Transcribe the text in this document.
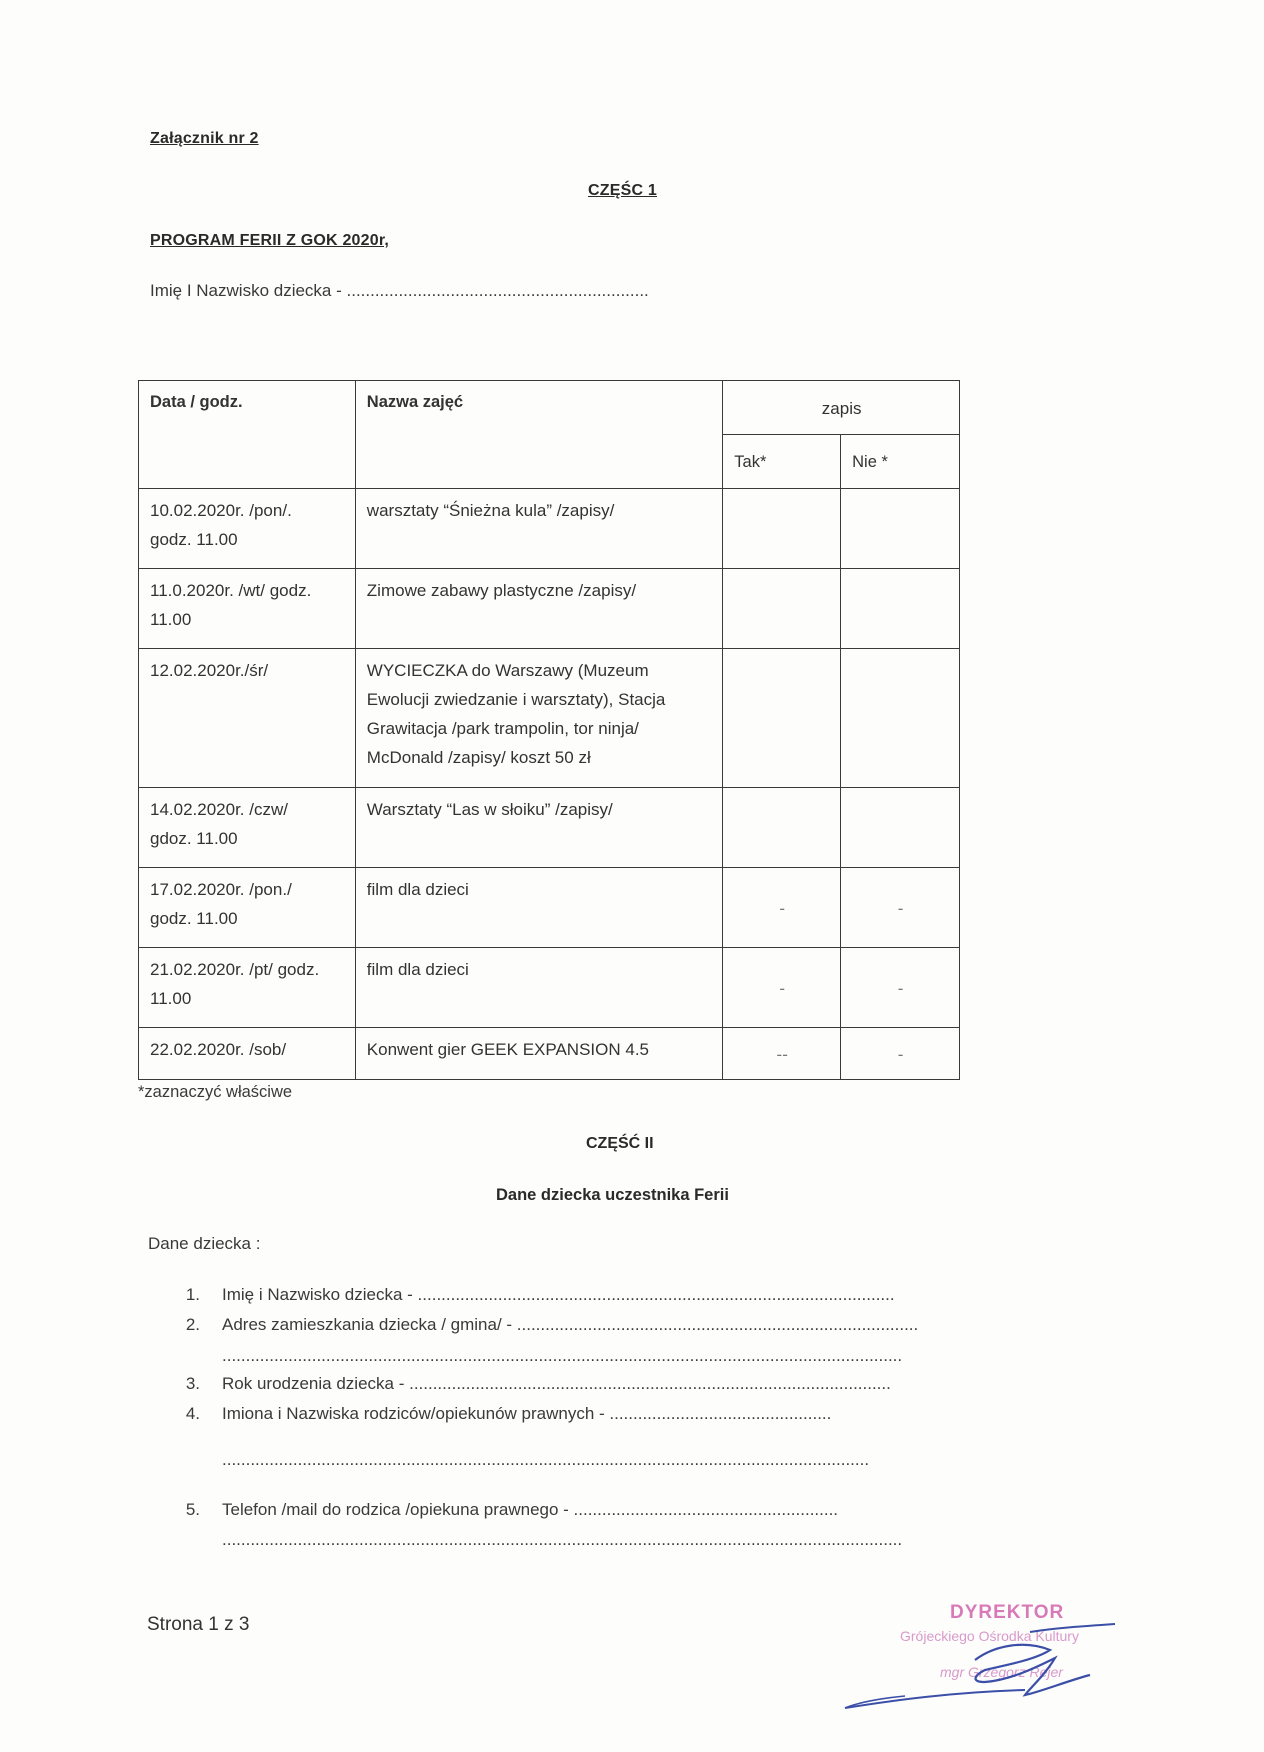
Załącznik nr 2
CZĘŚC 1
PROGRAM FERII Z GOK 2020r,
Imię I Nazwisko dziecka - ................................................................
Data / godz.	Nazwa zajęć	zapis	
		Tak*	Nie *
10.02.2020r. /pon/.
godz. 11.00	warsztaty “Śnieżna kula” /zapisy/		
11.0.2020r. /wt/ godz.
11.00	Zimowe zabawy plastyczne /zapisy/		
12.02.2020r./śr/	WYCIECZKA do Warszawy (Muzeum
Ewolucji zwiedzanie i warsztaty), Stacja
Grawitacja /park trampolin, tor ninja/
McDonald /zapisy/ koszt 50 zł		
14.02.2020r. /czw/
gdoz. 11.00	Warsztaty “Las w słoiku” /zapisy/		
17.02.2020r. /pon./
godz. 11.00	film dla dzieci	-	-
21.02.2020r. /pt/ godz.
11.00	film dla dzieci	-	-
22.02.2020r. /sob/	Konwent gier GEEK EXPANSION 4.5	--	-
*zaznaczyć właściwe
CZĘŚĆ II
Dane dziecka uczestnika Ferii
Dane dziecka :
1. Imię i Nazwisko dziecka - .....................................................................................................
2. Adres zamieszkania dziecka / gmina/ - .....................................................................................
................................................................................................................................................
3. Rok urodzenia dziecka - ......................................................................................................
4. Imiona i Nazwiska rodziców/opiekunów prawnych - ...............................................
.........................................................................................................................................
5. Telefon /mail do rodzica /opiekuna prawnego - ........................................................
................................................................................................................................................
Strona 1 z 3
DYREKTOR
Grójeckiego Ośrodka Kultury
mgr Grzegorz Rejer
